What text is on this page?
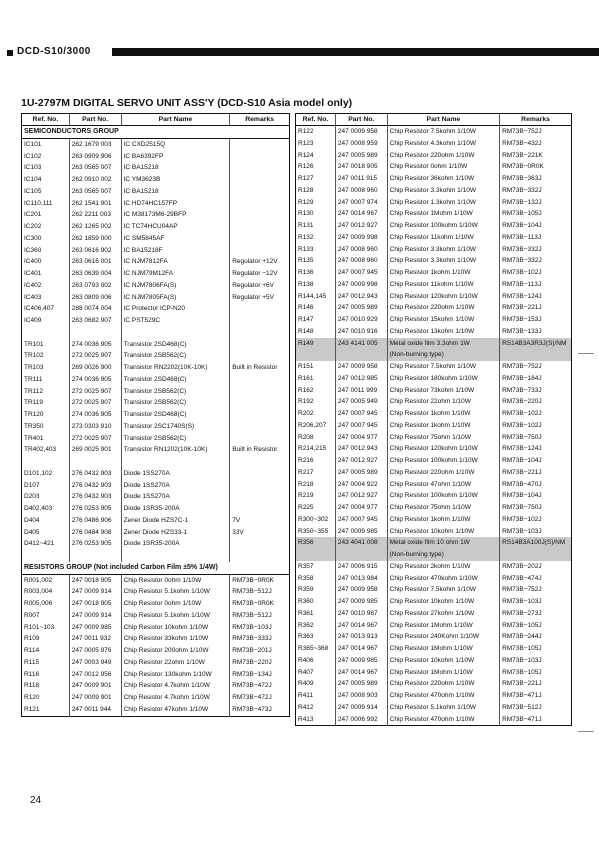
DCD-S10/3000
1U-2797M DIGITAL SERVO UNIT ASS'Y (DCD-S10 Asia model only)
Ref. No.	Part No.	Part Name	Remarks
SEMICONDUCTORS GROUP			
IC101	262 1679 003	IC CXD2515Q	
IC102	263 0909 906	IC BA6392FP	
IC103	263 0565 007	IC BA15218	
IC104	262 0910 002	IC YM3623B	
IC105	263 0565 007	IC BA15218	
IC110,111	262 1541 901	IC HD74HC157FP	
IC201	262 2211 003	IC M38173M6-29BFP	
IC202	262 1265 002	IC TC74HCU04AP	
IC300	262 1859 000	IC SM5845AF	
IC360	263 0616 902	IC BA15218F	
IC400	263 0616 001	IC NJM7812FA	Regulator +12V
IC401	263 0639 004	IC NJM79M12FA	Regulator −12V
IC402	263 0793 002	IC NJM7806FA(S)	Regulator +6V
IC403	263 0809 006	IC NJM7805FA(S)	Regulator +5V
IC406,407	288 0074 004	IC Protector ICP-N20	
IC409	263 0682 907	IC PST529C	

TR101	274 0036 905	Transistor 2SD468(C)	
TR102	272 0025 907	Transistor 2SB562(C)	
TR103	269 0026 900	Transistor RN2202(10K-10K)	Built in Resistor
TR111	274 0036 905	Transistor 2SD468(C)	
TR112	272 0025 907	Transistor 2SB562(C)	
TR119	272 0025 907	Transistor 2SB562(C)	
TR120	274 0036 905	Transistor 2SD468(C)	
TR350	273 0303 910	Transistor 2SC1740S(S)	
TR401	272 0025 907	Transistor 2SB562(C)	
TR402,403	269 0025 901	Transistor RN1202(10K-10K)	Built in Resistor

D101,102	276 0432 903	Diode 1SS270A	
D107	276 0432 903	Diode 1SS270A	
D203	276 0432 903	Diode 1SS270A	
D402,403	276 0253 905	Diode 1SR35-200A	
D404	276 0486 906	Zener Diode HZS7C-1	7V
D405	276 0484 908	Zener Diode HZS33-1	33V
D412~421	276 0253 905	Diode 1SR35-200A	

RESISTORS GROUP (Not included Carbon Film ±5% 1/4W)			
R001,002	247 0018 905	Chip Resistor 0ohm 1/10W	RM73B−0R0K
R003,004	247 0009 914	Chip Resistor 5.1kohm 1/10W	RM73B−512J
R005,006	247 0018 905	Chip Resistor 0ohm 1/10W	RM73B−0R0K
R007	247 0009 914	Chip Resistor 5.1kohm 1/10W	RM73B−512J
R101~103	247 0009 985	Chip Resistor 10kohm 1/10W	RM73B−103J
R109	247 0011 932	Chip Resistor 33kohm 1/10W	RM73B−333J
R114	247 0005 976	Chip Resistor 200ohm 1/10W	RM73B−201J
R115	247 0003 949	Chip Resistor 22ohm 1/10W	RM73B−220J
R116	247 0012 956	Chip Resistor 130kohm 1/10W	RM73B−134J
R118	247 0009 901	Chip Resistor 4.7kohm 1/10W	RM73B−472J
R120	247 0009 901	Chip Resistor 4.7kohm 1/10W	RM73B−472J
R121	247 0011 944	Chip Resistor 47kohm 1/10W	RM73B−473J
Ref. No.	Part No.	Part Name	Remarks
R122	247 0009 958	Chip Resistor 7.5kohm 1/10W	RM73B−752J
R123	247 0008 959	Chip Resistor 4.3kohm 1/10W	RM73B−432J
R124	247 0005 989	Chip Resistor 220ohm 1/10W	RM73B−221K
R126	247 0018 905	Chip Resistor 0ohm 1/10W	RM73B−0R0K
R127	247 0011 915	Chip Resistor 36kohm 1/10W	RM73B−363J
R128	247 0008 960	Chip Resistor 3.3kohm 1/10W	RM73B−332J
R129	247 0007 974	Chip Resistor 1.3kohm 1/10W	RM73B−132J
R130	247 0014 967	Chip Resistor 1Mohm 1/10W	RM73B−105J
R131	247 0012 927	Chip Resistor 100kohm 1/10W	RM73B−104J
R132	247 0009 998	Chip Resistor 11kohm 1/10W	RM73B−113J
R133	247 0008 960	Chip Resistor 3.3kohm 1/10W	RM73B−332J
R135	247 0008 960	Chip Resistor 3.3kohm 1/10W	RM73B−332J
R136	247 0007 945	Chip Resistor 1kohm 1/10W	RM73B−102J
R138	247 0009 998	Chip Resistor 11kohm 1/10W	RM73B−113J
R144,145	247 0012 943	Chip Resistor 120kohm 1/10W	RM73B−124J
R146	247 0005 989	Chip Resistor 220ohm 1/10W	RM73B−221J
R147	247 0010 929	Chip Resistor 15kohm 1/10W	RM73B−153J
R148	247 0010 916	Chip Resistor 13kohm 1/10W	RM73B−133J
R149	243 4141 005	Metal oxide film 3.3ohm 1W	RS14B3A3R3J(S)/NM
		(Non-burning type)	
R151	247 0009 958	Chip Resistor 7.5kohm 1/10W	RM73B−752J
R161	247 0012 985	Chip Resistor 180kohm 1/10W	RM73B−184J
R162	247 0011 999	Chip Resistor 73kohm 1/10W	RM73B−733J
R192	247 0005 949	Chip Resistor 22ohm 1/10W	RM73B−220J
R202	247 0007 945	Chip Resistor 1kohm 1/10W	RM73B−102J
R206,207	247 0007 945	Chip Resistor 1kohm 1/10W	RM73B−102J
R208	247 0004 977	Chip Resistor 75ohm 1/10W	RM73B−750J
R214,215	247 0012 943	Chip Resistor 120kohm 1/10W	RM73B−124J
R216	247 0012 927	Chip Resistor 100kohm 1/10W	RM73B−104J
R217	247 0005 989	Chip Resistor 220ohm 1/10W	RM73B−221J
R218	247 0004 922	Chip Resistor 47ohm 1/10W	RM73B−470J
R219	247 0012 927	Chip Resistor 100kohm 1/10W	RM73B−104J
R225	247 0004 977	Chip Resistor 75ohm 1/10W	RM73B−750J
R300~302	247 0007 945	Chip Resistor 1kohm 1/10W	RM73B−102J
R350~355	247 0009 985	Chip Resistor 10kohm 1/10W	RM73B−103J
R356	243 4041 008	Metal oxide film 10 ohm 1W	RS14B3A100J(S)/NM
		(Non-burning type)	
R357	247 0006 915	Chip Resistor 2kohm 1/10W	RM73B−202J
R358	247 0013 984	Chip Resistor 470kohm 1/10W	RM73B−474J
R359	247 0009 958	Chip Resistor 7.5kohm 1/10W	RM73B−752J
R360	247 0009 985	Chip Resistor 10kohm 1/10W	RM73B−103J
R361	247 0010 987	Chip Resistor 27kohm 1/10W	RM73B−273J
R362	247 0014 967	Chip Resistor 1Mohm 1/10W	RM73B−105J
R363	247 0013 913	Chip Resistor 240Kohm 1/10W	RM73B−244J
R365~368	247 0014 967	Chip Resistor 1Mohm 1/10W	RM73B−105J
R406	247 0009 985	Chip Resistor 10kohm 1/10W	RM73B−103J
R407	247 0014 967	Chip Resistor 1Mohm 1/10W	RM73B−105J
R409	247 0005 989	Chip Resistor 220ohm 1/10W	RM73B−221J
R411	247 0008 903	Chip Resistor 470ohm 1/10W	RM73B−471J
R412	247 0009 914	Chip Resistor 5.1kohm 1/10W	RM73B−512J
R413	247 0006 992	Chip Resistor 470ohm 1/10W	RM73B−471J
24
